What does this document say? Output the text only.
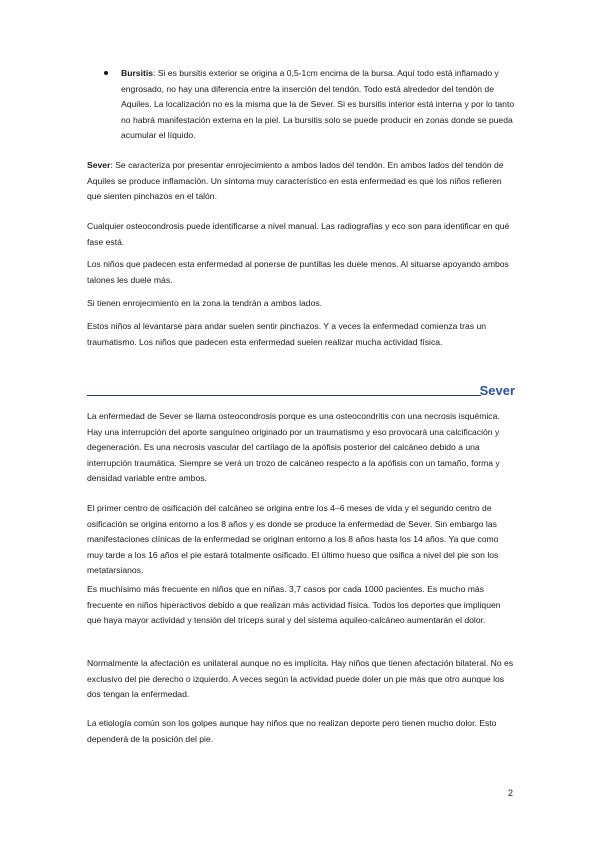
Bursitis: Si es bursitis exterior se origina a 0,5-1cm encima de la bursa. Aquí todo está inflamado y engrosado, no hay una diferencia entre la inserción del tendón. Todo está alrededor del tendón de Aquiles. La localización no es la misma que la de Sever. Si es bursitis interior está interna y por lo tanto no habrá manifestación externa en la piel. La bursitis solo se puede producir en zonas donde se pueda acumular el líquido.

Sever: Se caracteriza por presentar enrojecimiento a ambos lados del tendón. En ambos lados del tendón de Aquiles se produce inflamación. Un síntoma muy característico en esta enfermedad es que los niños refieren que sienten pinchazos en el talón.

Cualquier osteocondrosis puede identificarse a nivel manual. Las radiografías y eco son para identificar en qué fase está.

Los niños que padecen esta enfermedad al ponerse de puntillas les duele menos. Al situarse apoyando ambos talones les duele más.

Si tienen enrojecimiento en la zona la tendrán a ambos lados.

Estos niños al levantarse para andar suelen sentir pinchazos. Y a veces la enfermedad comienza tras un traumatismo. Los niños que padecen esta enfermedad suelen realizar mucha actividad física.

Sever

La enfermedad de Sever se llama osteocondrosis porque es una osteocondritis con una necrosis isquémica. Hay una interrupción del aporte sanguíneo originado por un traumatismo y eso provocará una calcificación y degeneración. Es una necrosis vascular del cartílago de la apófisis posterior del calcáneo debido a una interrupción traumática. Siempre se verá un trozo de calcáneo respecto a la apófisis con un tamaño, forma y densidad variable entre ambos.

El primer centro de osificación del calcáneo se origina entre los 4–6 meses de vida y el segundo centro de osificación se origina entorno a los 8 años y es donde se produce la enfermedad de Sever. Sin embargo las manifestaciones clínicas de la enfermedad se originan entorno a los 8 años hasta los 14 años. Ya que como muy tarde a los 16 años el pie estará totalmente osificado. El último hueso que osifica a nivel del pie son los metatarsianos.

Es muchísimo más frecuente en niños que en niñas. 3,7 casos por cada 1000 pacientes. Es mucho más frecuente en niños hiperactivos debido a que realizan más actividad física. Todos los deportes que impliquen que haya mayor actividad y tensión del tríceps sural y del sistema aquileo-calcáneo aumentarán el dolor.

Normalmente la afectación es unilateral aunque no es implícita. Hay niños que tienen afectación bilateral. No es exclusivo del pie derecho o izquierdo. A veces según la actividad puede doler un pie más que otro aunque los dos tengan la enfermedad.

La etiología común son los golpes aunque hay niños que no realizan deporte pero tienen mucho dolor. Esto dependerá de la posición del pie.

2
